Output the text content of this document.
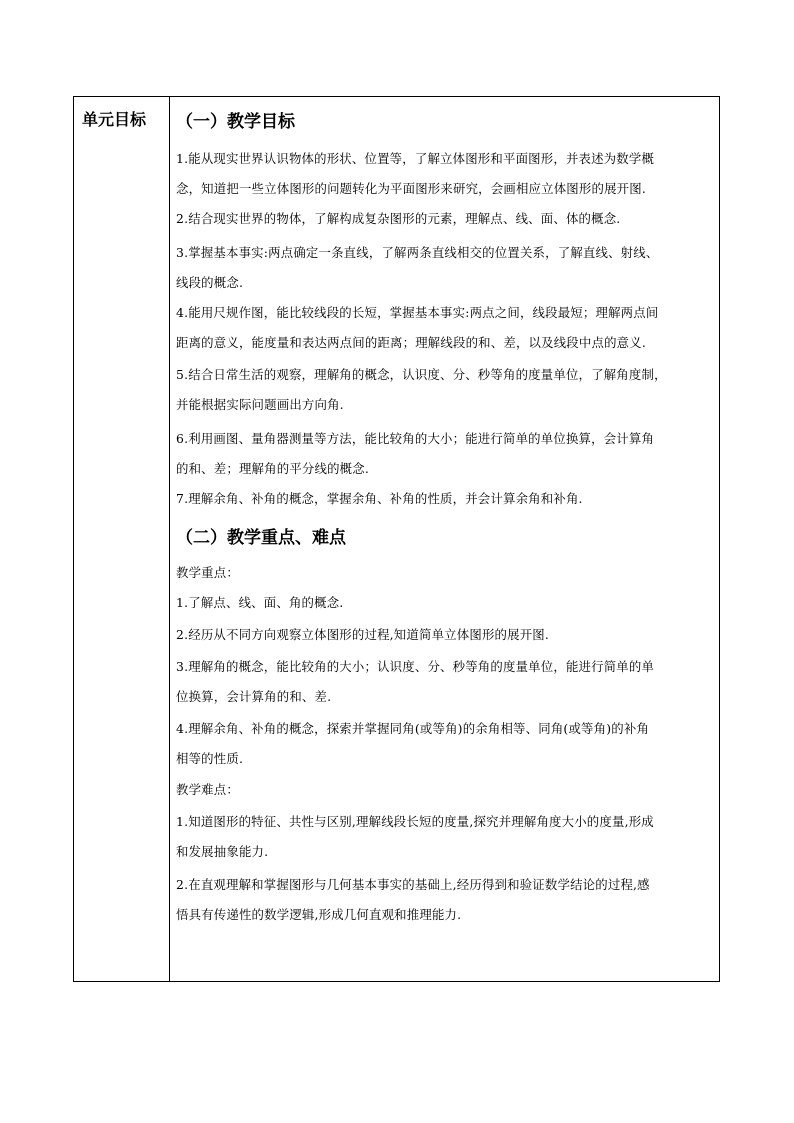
单元目标 （一）教学目标
1.能从现实世界认识物体的形状、位置等，了解立体图形和平面图形，并表述为数学概
念，知道把一些立体图形的问题转化为平面图形来研究，会画相应立体图形的展开图.
2.结合现实世界的物体，了解构成复杂图形的元素，理解点、线、面、体的概念.
3.掌握基本事实:两点确定一条直线，了解两条直线相交的位置关系，了解直线、射线、
线段的概念.
4.能用尺规作图，能比较线段的长短，掌握基本事实:两点之间，线段最短；理解两点间
距离的意义，能度量和表达两点间的距离；理解线段的和、差，以及线段中点的意义.
5.结合日常生活的观察，理解角的概念，认识度、分、秒等角的度量单位，了解角度制，
并能根据实际问题画出方向角.
6.利用画图、量角器测量等方法，能比较角的大小；能进行简单的单位换算，会计算角
的和、差；理解角的平分线的概念.
7.理解余角、补角的概念，掌握余角、补角的性质，并会计算余角和补角.
（二）教学重点、难点
教学重点：
1.了解点、线、面、角的概念.
2.经历从不同方向观察立体图形的过程,知道简单立体图形的展开图.
3.理解角的概念，能比较角的大小；认识度、分、秒等角的度量单位，能进行简单的单
位换算，会计算角的和、差.
4.理解余角、补角的概念，探索并掌握同角(或等角)的余角相等、同角(或等角)的补角
相等的性质.
教学难点：
1.知道图形的特征、共性与区别,理解线段长短的度量,探究并理解角度大小的度量,形成
和发展抽象能力.
2.在直观理解和掌握图形与几何基本事实的基础上,经历得到和验证数学结论的过程,感
悟具有传递性的数学逻辑,形成几何直观和推理能力.
